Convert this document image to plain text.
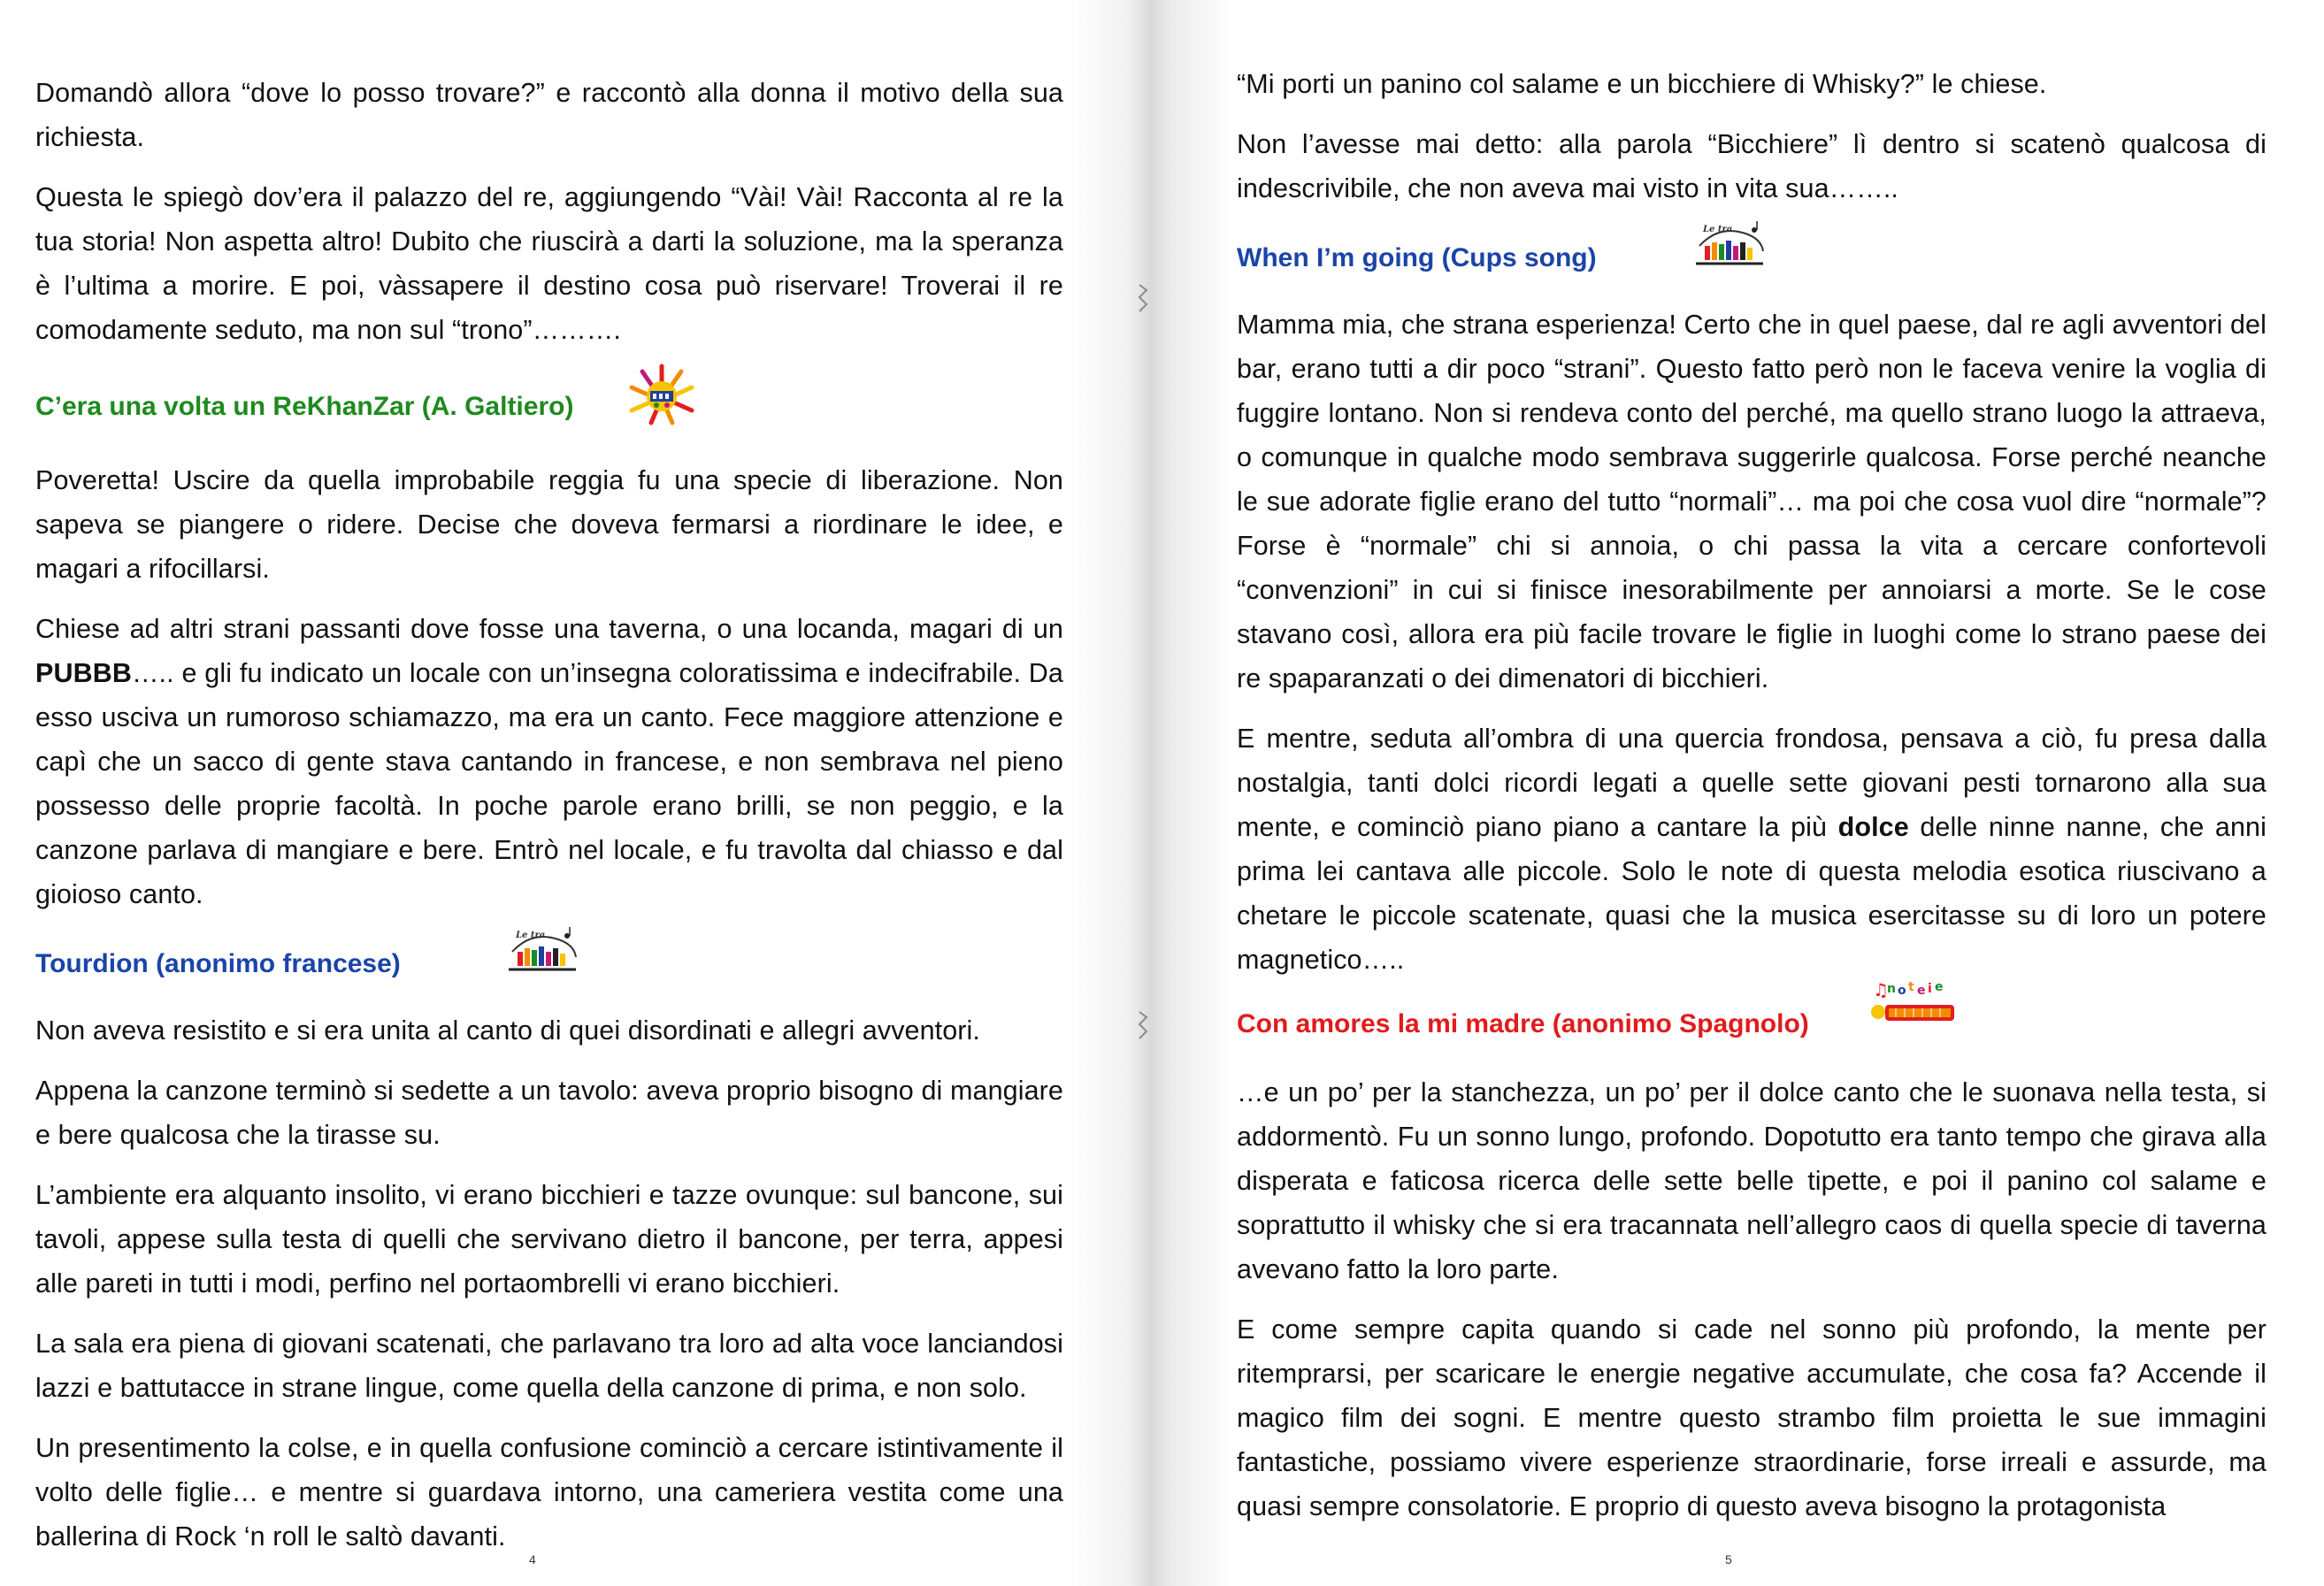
Domandò allora “dove lo posso trovare?” e raccontò alla donna il motivo della sua richiesta.

Questa le spiegò dov’era il palazzo del re, aggiungendo “Vài! Vài! Racconta al re la tua storia! Non aspetta altro! Dubito che riuscirà a darti la soluzione, ma la speranza è l’ultima a morire. E poi, vàssapere il destino cosa può riservare! Troverai il re comodamente seduto, ma non sul “trono”……….

C’era una volta un ReKhanZar (A. Galtiero)

Poveretta! Uscire da quella improbabile reggia fu una specie di liberazione. Non sapeva se piangere o ridere. Decise che doveva fermarsi a riordinare le idee, e magari a rifocillarsi.

Chiese ad altri strani passanti dove fosse una taverna, o una locanda, magari di un PUBBB….. e gli fu indicato un locale con un’insegna coloratissima e indecifrabile. Da esso usciva un rumoroso schiamazzo, ma era un canto. Fece maggiore attenzione e capì che un sacco di gente stava cantando in francese, e non sembrava nel pieno possesso delle proprie facoltà. In poche parole erano brilli, se non peggio, e la canzone parlava di mangiare e bere. Entrò nel locale, e fu travolta dal chiasso e dal gioioso canto.

Tourdion (anonimo francese)
Le tra

Non aveva resistito e si era unita al canto di quei disordinati e allegri avventori.

Appena la canzone terminò si sedette a un tavolo: aveva proprio bisogno di mangiare e bere qualcosa che la tirasse su.

L’ambiente era alquanto insolito, vi erano bicchieri e tazze ovunque: sul bancone, sui tavoli, appese sulla testa di quelli che servivano dietro il bancone, per terra, appesi alle pareti in tutti i modi, perfino nel portaombrelli vi erano bicchieri.

La sala era piena di giovani scatenati, che parlavano tra loro ad alta voce lanciandosi lazzi e battutacce in strane lingue, come quella della canzone di prima, e non solo.

Un presentimento la colse, e in quella confusione cominciò a cercare istintivamente il volto delle figlie… e mentre si guardava intorno, una cameriera vestita come una ballerina di Rock ‘n roll le saltò davanti.

4

“Mi porti un panino col salame e un bicchiere di Whisky?” le chiese.

Non l’avesse mai detto: alla parola “Bicchiere” lì dentro si scatenò qualcosa di indescrivibile, che non aveva mai visto in vita sua……..

When I’m going (Cups song)
Le tra

Mamma mia, che strana esperienza! Certo che in quel paese, dal re agli avventori del bar, erano tutti a dir poco “strani”. Questo fatto però non le faceva venire la voglia di fuggire lontano. Non si rendeva conto del perché, ma quello strano luogo la attraeva, o comunque in qualche modo sembrava suggerirle qualcosa. Forse perché neanche le sue adorate figlie erano del tutto “normali”… ma poi che cosa vuol dire “normale”? Forse è “normale” chi si annoia, o chi passa la vita a cercare confortevoli “convenzioni” in cui si finisce inesorabilmente per annoiarsi a morte. Se le cose stavano così, allora era più facile trovare le figlie in luoghi come lo strano paese dei re spaparanzati o dei dimenatori di bicchieri.

E mentre, seduta all’ombra di una quercia frondosa, pensava a ciò, fu presa dalla nostalgia, tanti dolci ricordi legati a quelle sette giovani pesti tornarono alla sua mente, e cominciò piano piano a cantare la più dolce delle ninne nanne, che anni prima lei cantava alle piccole. Solo le note di questa melodia esotica riuscivano a chetare le piccole scatenate, quasi che la musica esercitasse su di loro un potere magnetico…..

Con amores la mi madre (anonimo Spagnolo)
♫
n o t e i e

…e un po’ per la stanchezza, un po’ per il dolce canto che le suonava nella testa, si addormentò. Fu un sonno lungo, profondo. Dopotutto era tanto tempo che girava alla disperata e faticosa ricerca delle sette belle tipette, e poi il panino col salame e soprattutto il whisky che si era tracannata nell’allegro caos di quella specie di taverna avevano fatto la loro parte.

E come sempre capita quando si cade nel sonno più profondo, la mente per ritemprarsi, per scaricare le energie negative accumulate, che cosa fa? Accende il magico film dei sogni. E mentre questo strambo film proietta le sue immagini fantastiche, possiamo vivere esperienze straordinarie, forse irreali e assurde, ma quasi sempre consolatorie. E proprio di questo aveva bisogno la protagonista

5
